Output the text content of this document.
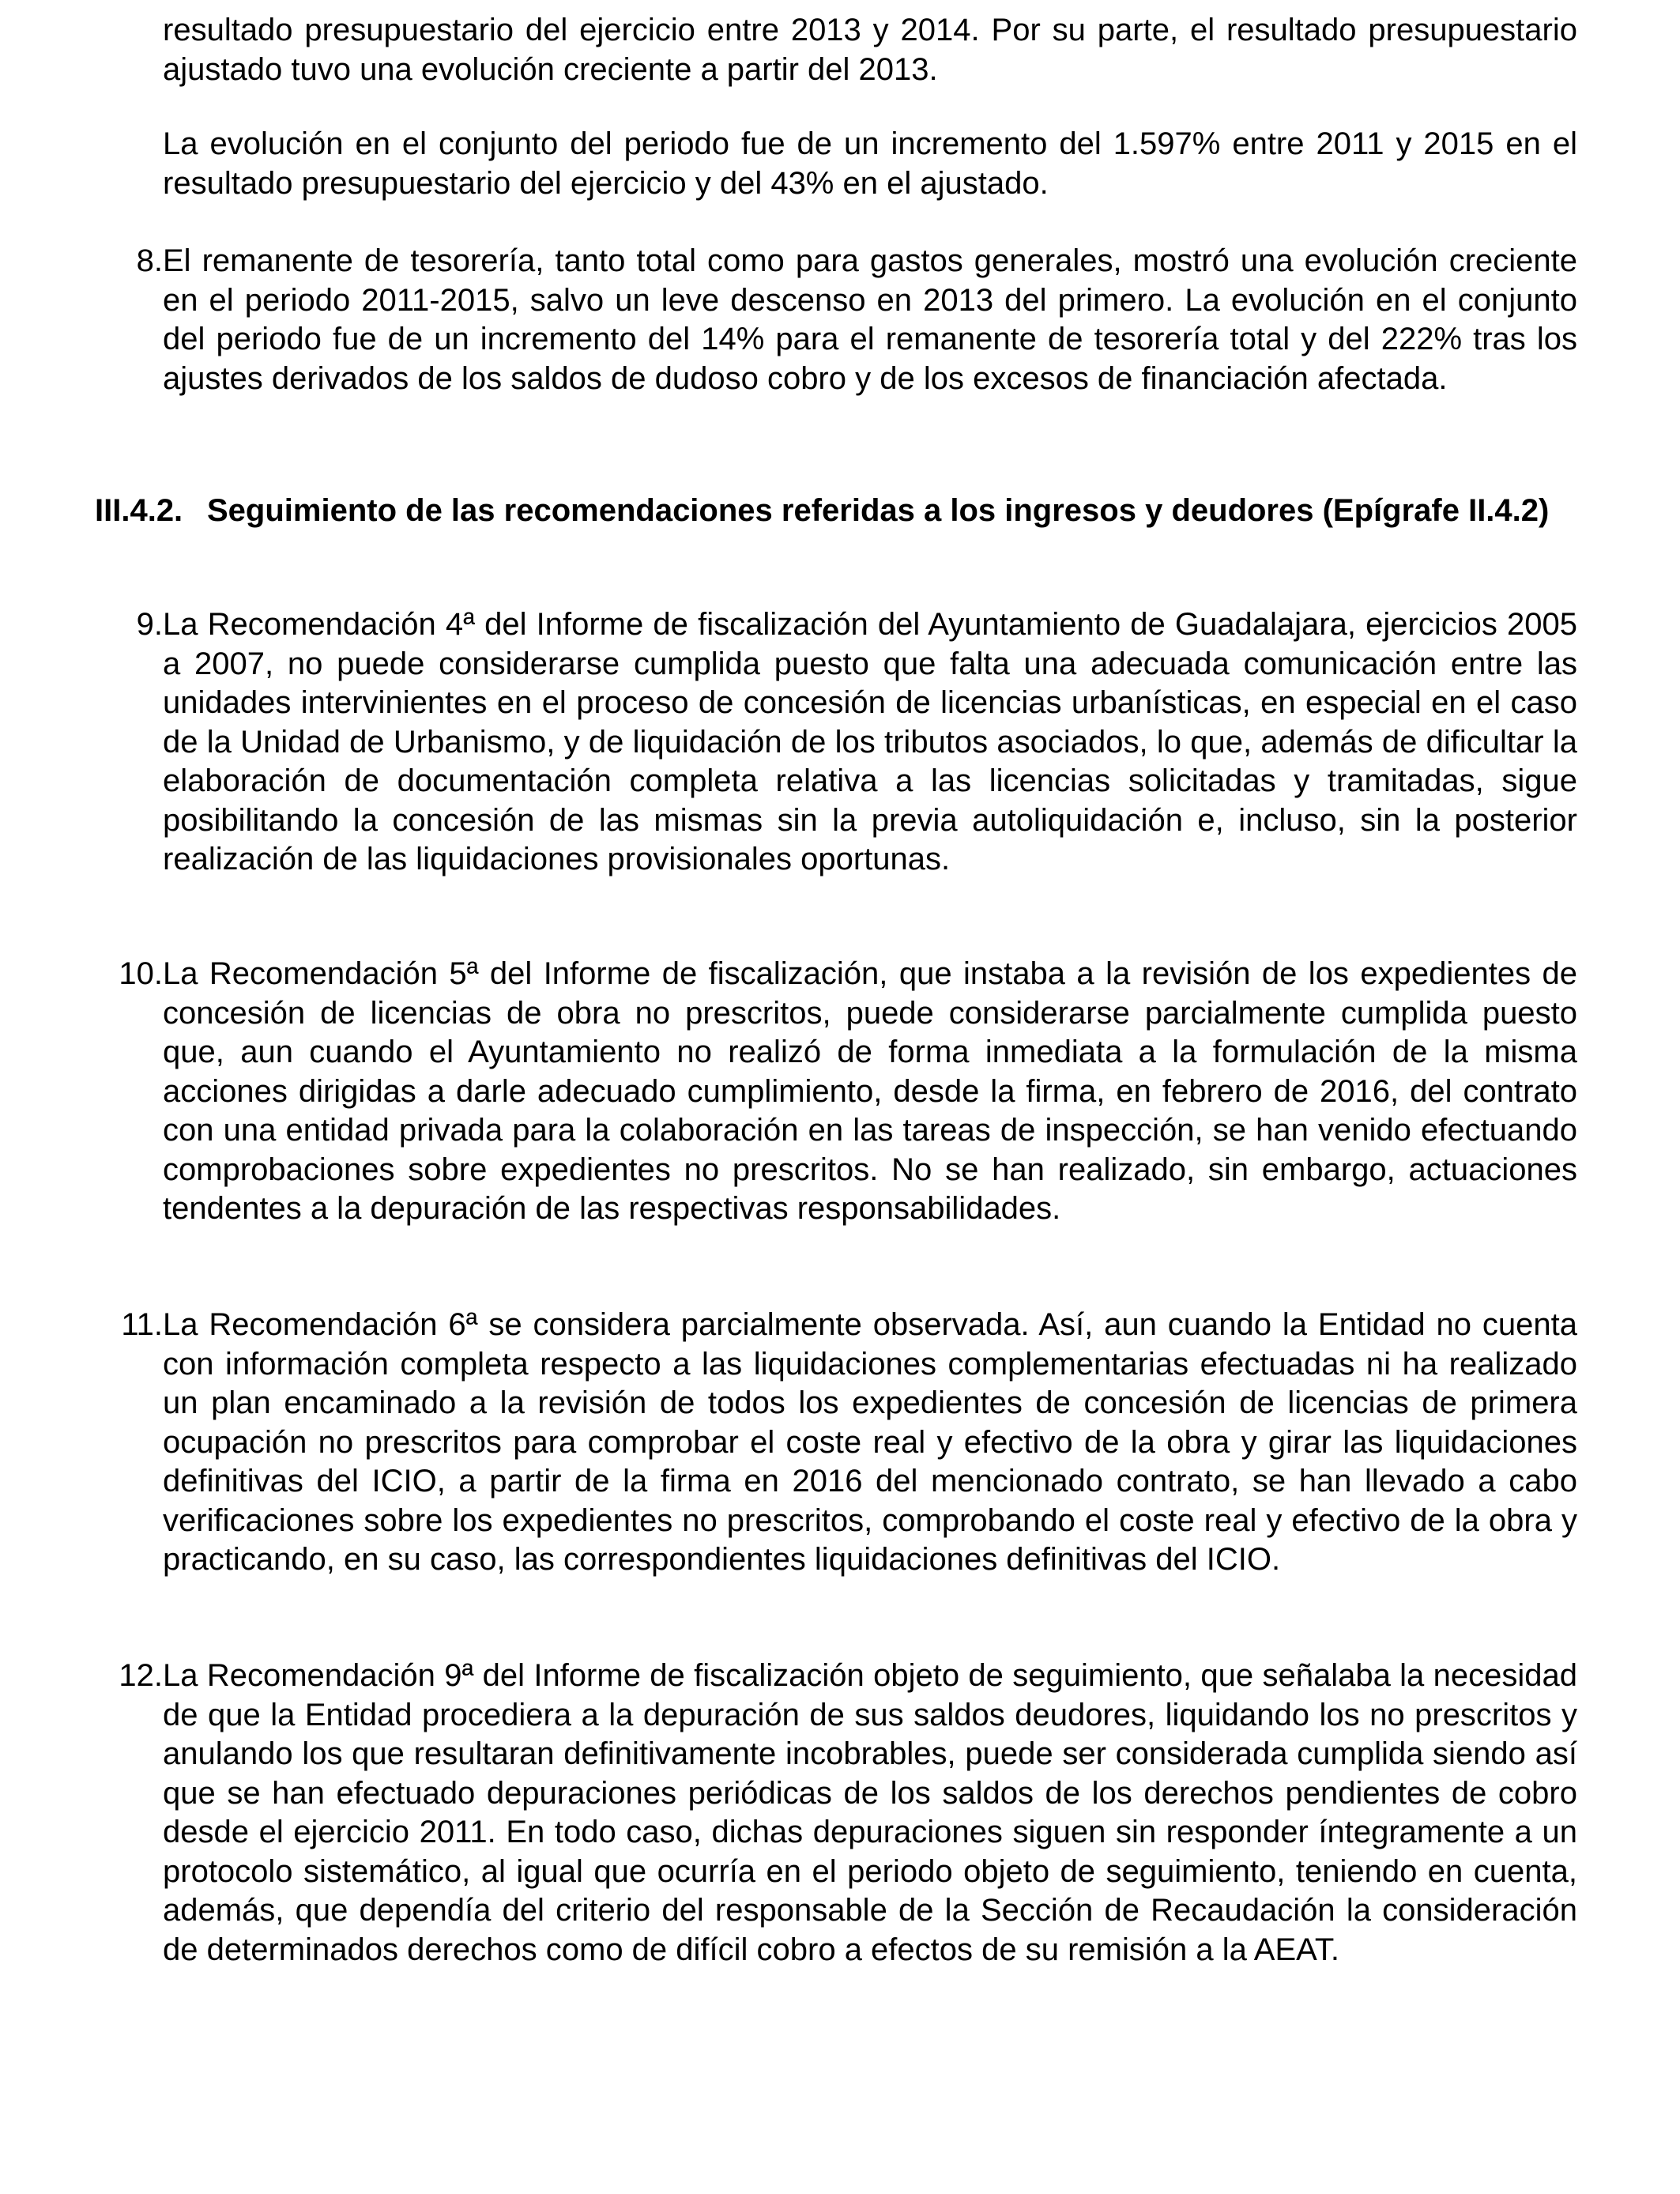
resultado presupuestario del ejercicio entre 2013 y 2014. Por su parte, el resultado presupuestario ajustado tuvo una evolución creciente a partir del 2013.

La evolución en el conjunto del periodo fue de un incremento del 1.597% entre 2011 y 2015 en el resultado presupuestario del ejercicio y del 43% en el ajustado.

8. El remanente de tesorería, tanto total como para gastos generales, mostró una evolución creciente en el periodo 2011-2015, salvo un leve descenso en 2013 del primero. La evolución en el conjunto del periodo fue de un incremento del 14% para el remanente de tesorería total y del 222% tras los ajustes derivados de los saldos de dudoso cobro y de los excesos de financiación afectada.
III.4.2. Seguimiento de las recomendaciones referidas a los ingresos y deudores (Epígrafe II.4.2)
9. La Recomendación 4ª del Informe de fiscalización del Ayuntamiento de Guadalajara, ejercicios 2005 a 2007, no puede considerarse cumplida puesto que falta una adecuada comunicación entre las unidades intervinientes en el proceso de concesión de licencias urbanísticas, en especial en el caso de la Unidad de Urbanismo, y de liquidación de los tributos asociados, lo que, además de dificultar la elaboración de documentación completa relativa a las licencias solicitadas y tramitadas, sigue posibilitando la concesión de las mismas sin la previa autoliquidación e, incluso, sin la posterior realización de las liquidaciones provisionales oportunas.
10. La Recomendación 5ª del Informe de fiscalización, que instaba a la revisión de los expedientes de concesión de licencias de obra no prescritos, puede considerarse parcialmente cumplida puesto que, aun cuando el Ayuntamiento no realizó de forma inmediata a la formulación de la misma acciones dirigidas a darle adecuado cumplimiento, desde la firma, en febrero de 2016, del contrato con una entidad privada para la colaboración en las tareas de inspección, se han venido efectuando comprobaciones sobre expedientes no prescritos. No se han realizado, sin embargo, actuaciones tendentes a la depuración de las respectivas responsabilidades.
11. La Recomendación 6ª se considera parcialmente observada. Así, aun cuando la Entidad no cuenta con información completa respecto a las liquidaciones complementarias efectuadas ni ha realizado un plan encaminado a la revisión de todos los expedientes de concesión de licencias de primera ocupación no prescritos para comprobar el coste real y efectivo de la obra y girar las liquidaciones definitivas del ICIO, a partir de la firma en 2016 del mencionado contrato, se han llevado a cabo verificaciones sobre los expedientes no prescritos, comprobando el coste real y efectivo de la obra y practicando, en su caso, las correspondientes liquidaciones definitivas del ICIO.
12. La Recomendación 9ª del Informe de fiscalización objeto de seguimiento, que señalaba la necesidad de que la Entidad procediera a la depuración de sus saldos deudores, liquidando los no prescritos y anulando los que resultaran definitivamente incobrables, puede ser considerada cumplida siendo así que se han efectuado depuraciones periódicas de los saldos de los derechos pendientes de cobro desde el ejercicio 2011. En todo caso, dichas depuraciones siguen sin responder íntegramente a un protocolo sistemático, al igual que ocurría en el periodo objeto de seguimiento, teniendo en cuenta, además, que dependía del criterio del responsable de la Sección de Recaudación la consideración de determinados derechos como de difícil cobro a efectos de su remisión a la AEAT.
